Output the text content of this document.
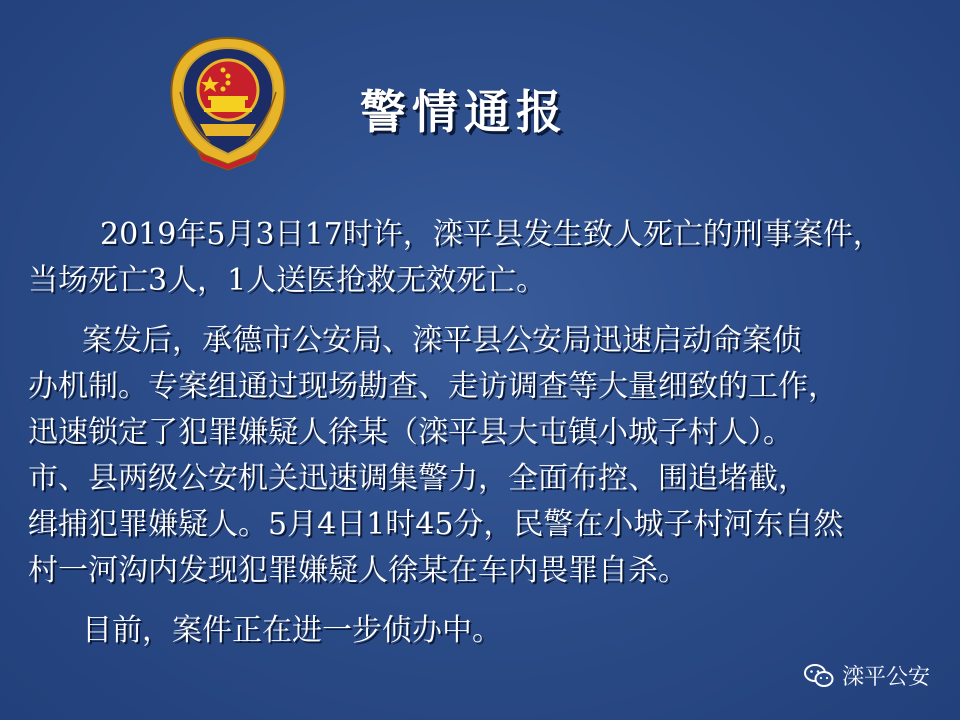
警情通报

2019年5月3日17时许，滦平县发生致人死亡的刑事案件，

当场死亡3人，1人送医抢救无效死亡。
案发后，承德市公安局、滦平县公安局迅速启动命案侦
办机制。专案组通过现场勘查、走访调查等大量细致的工作，
迅速锁定了犯罪嫌疑人徐某（滦平县大屯镇小城子村人）。
市、县两级公安机关迅速调集警力，全面布控、围追堵截，
缉捕犯罪嫌疑人。5月4日1时45分，民警在小城子村河东自然
村一河沟内发现犯罪嫌疑人徐某在车内畏罪自杀。
目前，案件正在进一步侦办中。
滦平公安
